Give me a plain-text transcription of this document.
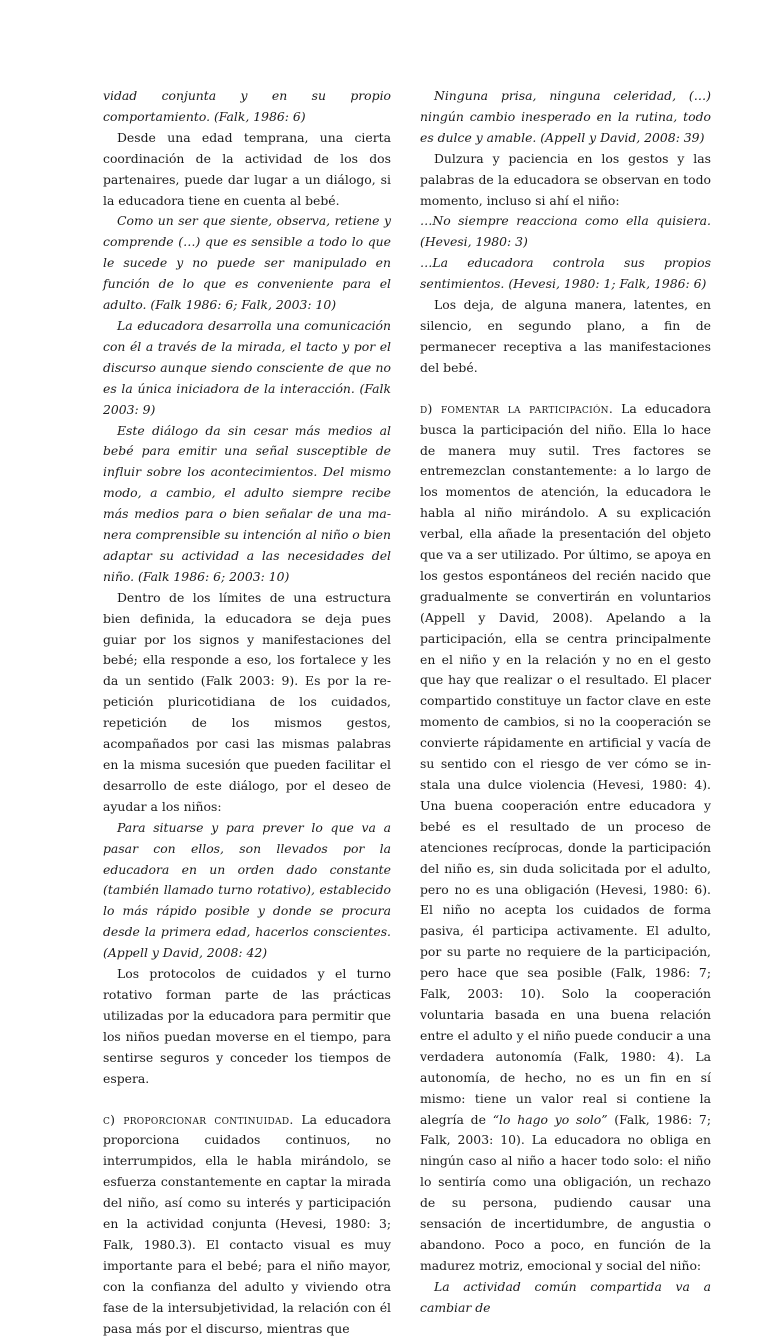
vidad conjunta y en su propio comportamiento. (Falk, 1986: 6)

Desde una edad temprana, una cierta coordinación de la actividad de los dos partenaires, puede dar lugar a un diálogo, si la educadora tiene en cuenta al bebé.

Como un ser que siente, observa, retiene y comprende (…) que es sensible a todo lo que le sucede y no puede ser manipulado en función de lo que es conveniente para el adulto. (Falk 1986: 6; Falk, 2003: 10)

La educadora desarrolla una comunicación con él a través de la mirada, el tacto y por el discurso aunque siendo consciente de que no es la única iniciadora de la interacción. (Falk 2003: 9)

Este diálogo da sin cesar más medios al bebé para emitir una señal susceptible de influir sobre los acontecimientos. Del mismo modo, a cambio, el adulto siempre recibe más medios para o bien señalar de una manera comprensible su intención al niño o bien adaptar su actividad a las necesidades del niño. (Falk 1986: 6; 2003: 10)

Dentro de los límites de una estructura bien definida, la educadora se deja pues guiar por los signos y manifestaciones del bebé; ella responde a eso, los fortalece y les da un sentido (Falk 2003: 9). Es por la repetición pluricotidiana de los cuidados, repetición de los mismos gestos, acompañados por casi las mismas palabras en la misma sucesión que pueden facilitar el desarrollo de este diálogo, por el deseo de ayudar a los niños:

Para situarse y para prever lo que va a pasar con ellos, son llevados por la educadora en un orden dado constante (también llamado turno rotativo), establecido lo más rápido posible y donde se procura desde la primera edad, hacerlos conscientes. (Appell y David, 2008: 42)

Los protocolos de cuidados y el turno rotativo forman parte de las prácticas utilizadas por la educadora para permitir que los niños puedan moverse en el tiempo, para sentirse seguros y conceder los tiempos de espera.

c) proporcionar continuidad. La educadora proporciona cuidados continuos, no interrumpidos, ella le habla mirándolo, se esfuerza constantemente en captar la mirada del niño, así como su interés y participación en la actividad conjunta (Hevesi, 1980: 3; Falk, 1980.3). El contacto visual es muy importante para el bebé; para el niño mayor, con la confianza del adulto y viviendo otra fase de la intersubjetividad, la relación con él pasa más por el discurso, mientras que

Ninguna prisa, ninguna celeridad, (…) ningún cambio inesperado en la rutina, todo es dulce y amable. (Appell y David, 2008: 39)

Dulzura y paciencia en los gestos y las palabras de la educadora se observan en todo momento, incluso si ahí el niño:

…No siempre reacciona como ella quisiera. (Hevesi, 1980: 3)

…La educadora controla sus propios sentimientos. (Hevesi, 1980: 1; Falk, 1986: 6)

Los deja, de alguna manera, latentes, en silencio, en segundo plano, a fin de permanecer receptiva a las manifestaciones del bebé.

d) fomentar la participación. La educadora busca la participación del niño. Ella lo hace de manera muy sutil. Tres factores se entremezclan constantemente: a lo largo de los momentos de atención, la educadora le habla al niño mirándolo. A su explicación verbal, ella añade la presentación del objeto que va a ser utilizado. Por último, se apoya en los gestos espontáneos del recién nacido que gradualmente se convertirán en voluntarios (Appell y David, 2008). Apelando a la participación, ella se centra principalmente en el niño y en la relación y no en el gesto que hay que realizar o el resultado. El placer compartido constituye un factor clave en este momento de cambios, si no la cooperación se convierte rápidamente en artificial y vacía de su sentido con el riesgo de ver cómo se instala una dulce violencia (Hevesi, 1980: 4). Una buena cooperación entre educadora y bebé es el resultado de un proceso de atenciones recíprocas, donde la participación del niño es, sin duda solicitada por el adulto, pero no es una obligación (Hevesi, 1980: 6). El niño no acepta los cuidados de forma pasiva, él participa activamente. El adulto, por su parte no requiere de la participación, pero hace que sea posible (Falk, 1986: 7; Falk, 2003: 10). Solo la cooperación voluntaria basada en una buena relación entre el adulto y el niño puede conducir a una verdadera autonomía (Falk, 1980: 4). La autonomía, de hecho, no es un fin en sí mismo: tiene un valor real si contiene la alegría de “lo hago yo solo” (Falk, 1986: 7; Falk, 2003: 10). La educadora no obliga en ningún caso al niño a hacer todo solo: el niño lo sentiría como una obligación, un rechazo de su persona, pudiendo causar una sensación de incertidumbre, de angustia o abandono. Poco a poco, en función de la madurez motriz, emocional y social del niño:

La actividad común compartida va a cambiar de
